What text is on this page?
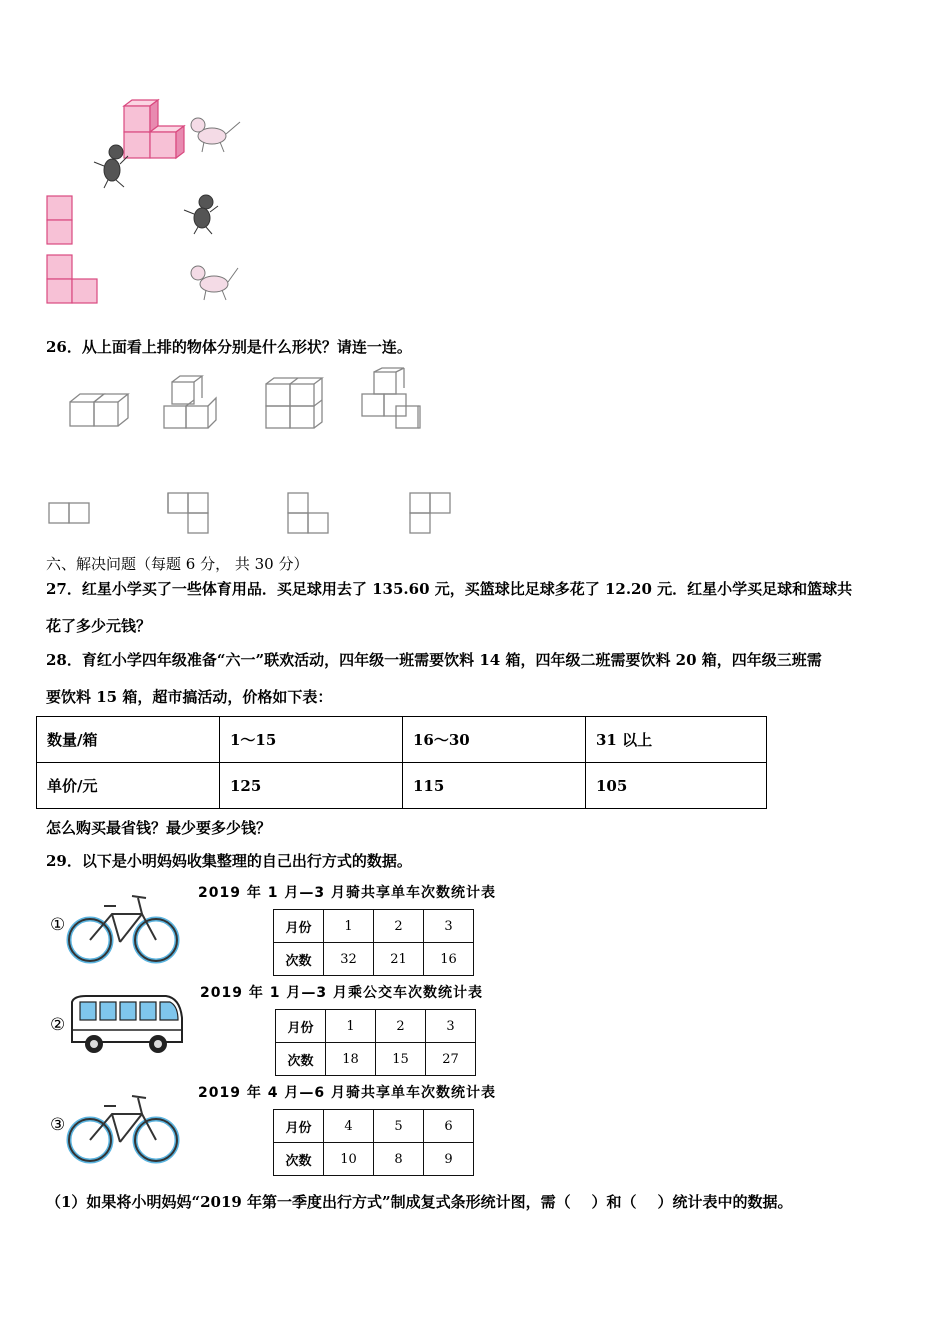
26．从上面看上排的物体分别是什么形状？请连一连。
六、解决问题（每题 6 分， 共 30 分）
27．红星小学买了一些体育用品．买足球用去了 135.60 元，买篮球比足球多花了 12.20 元．红星小学买足球和篮球共
花了多少元钱？
28．育红小学四年级准备“六一”联欢活动，四年级一班需要饮料 14 箱，四年级二班需要饮料 20 箱，四年级三班需
要饮料 15 箱，超市搞活动，价格如下表：
数量/箱	1～15	16～30	31 以上
单价/元	125	115	105
怎么购买最省钱？最少要多少钱？
29．以下是小明妈妈收集整理的自己出行方式的数据。
①
2019 年 1 月—3 月骑共享单车次数统计表
月份	1	2	3
次数	32	21	16
②
2019 年 1 月—3 月乘公交车次数统计表
月份	1	2	3
次数	18	15	27
③
2019 年 4 月—6 月骑共享单车次数统计表
月份	4	5	6
次数	10	8	9
（1）如果将小明妈妈“2019 年第一季度出行方式”制成复式条形统计图，需（    ）和（    ）统计表中的数据。
